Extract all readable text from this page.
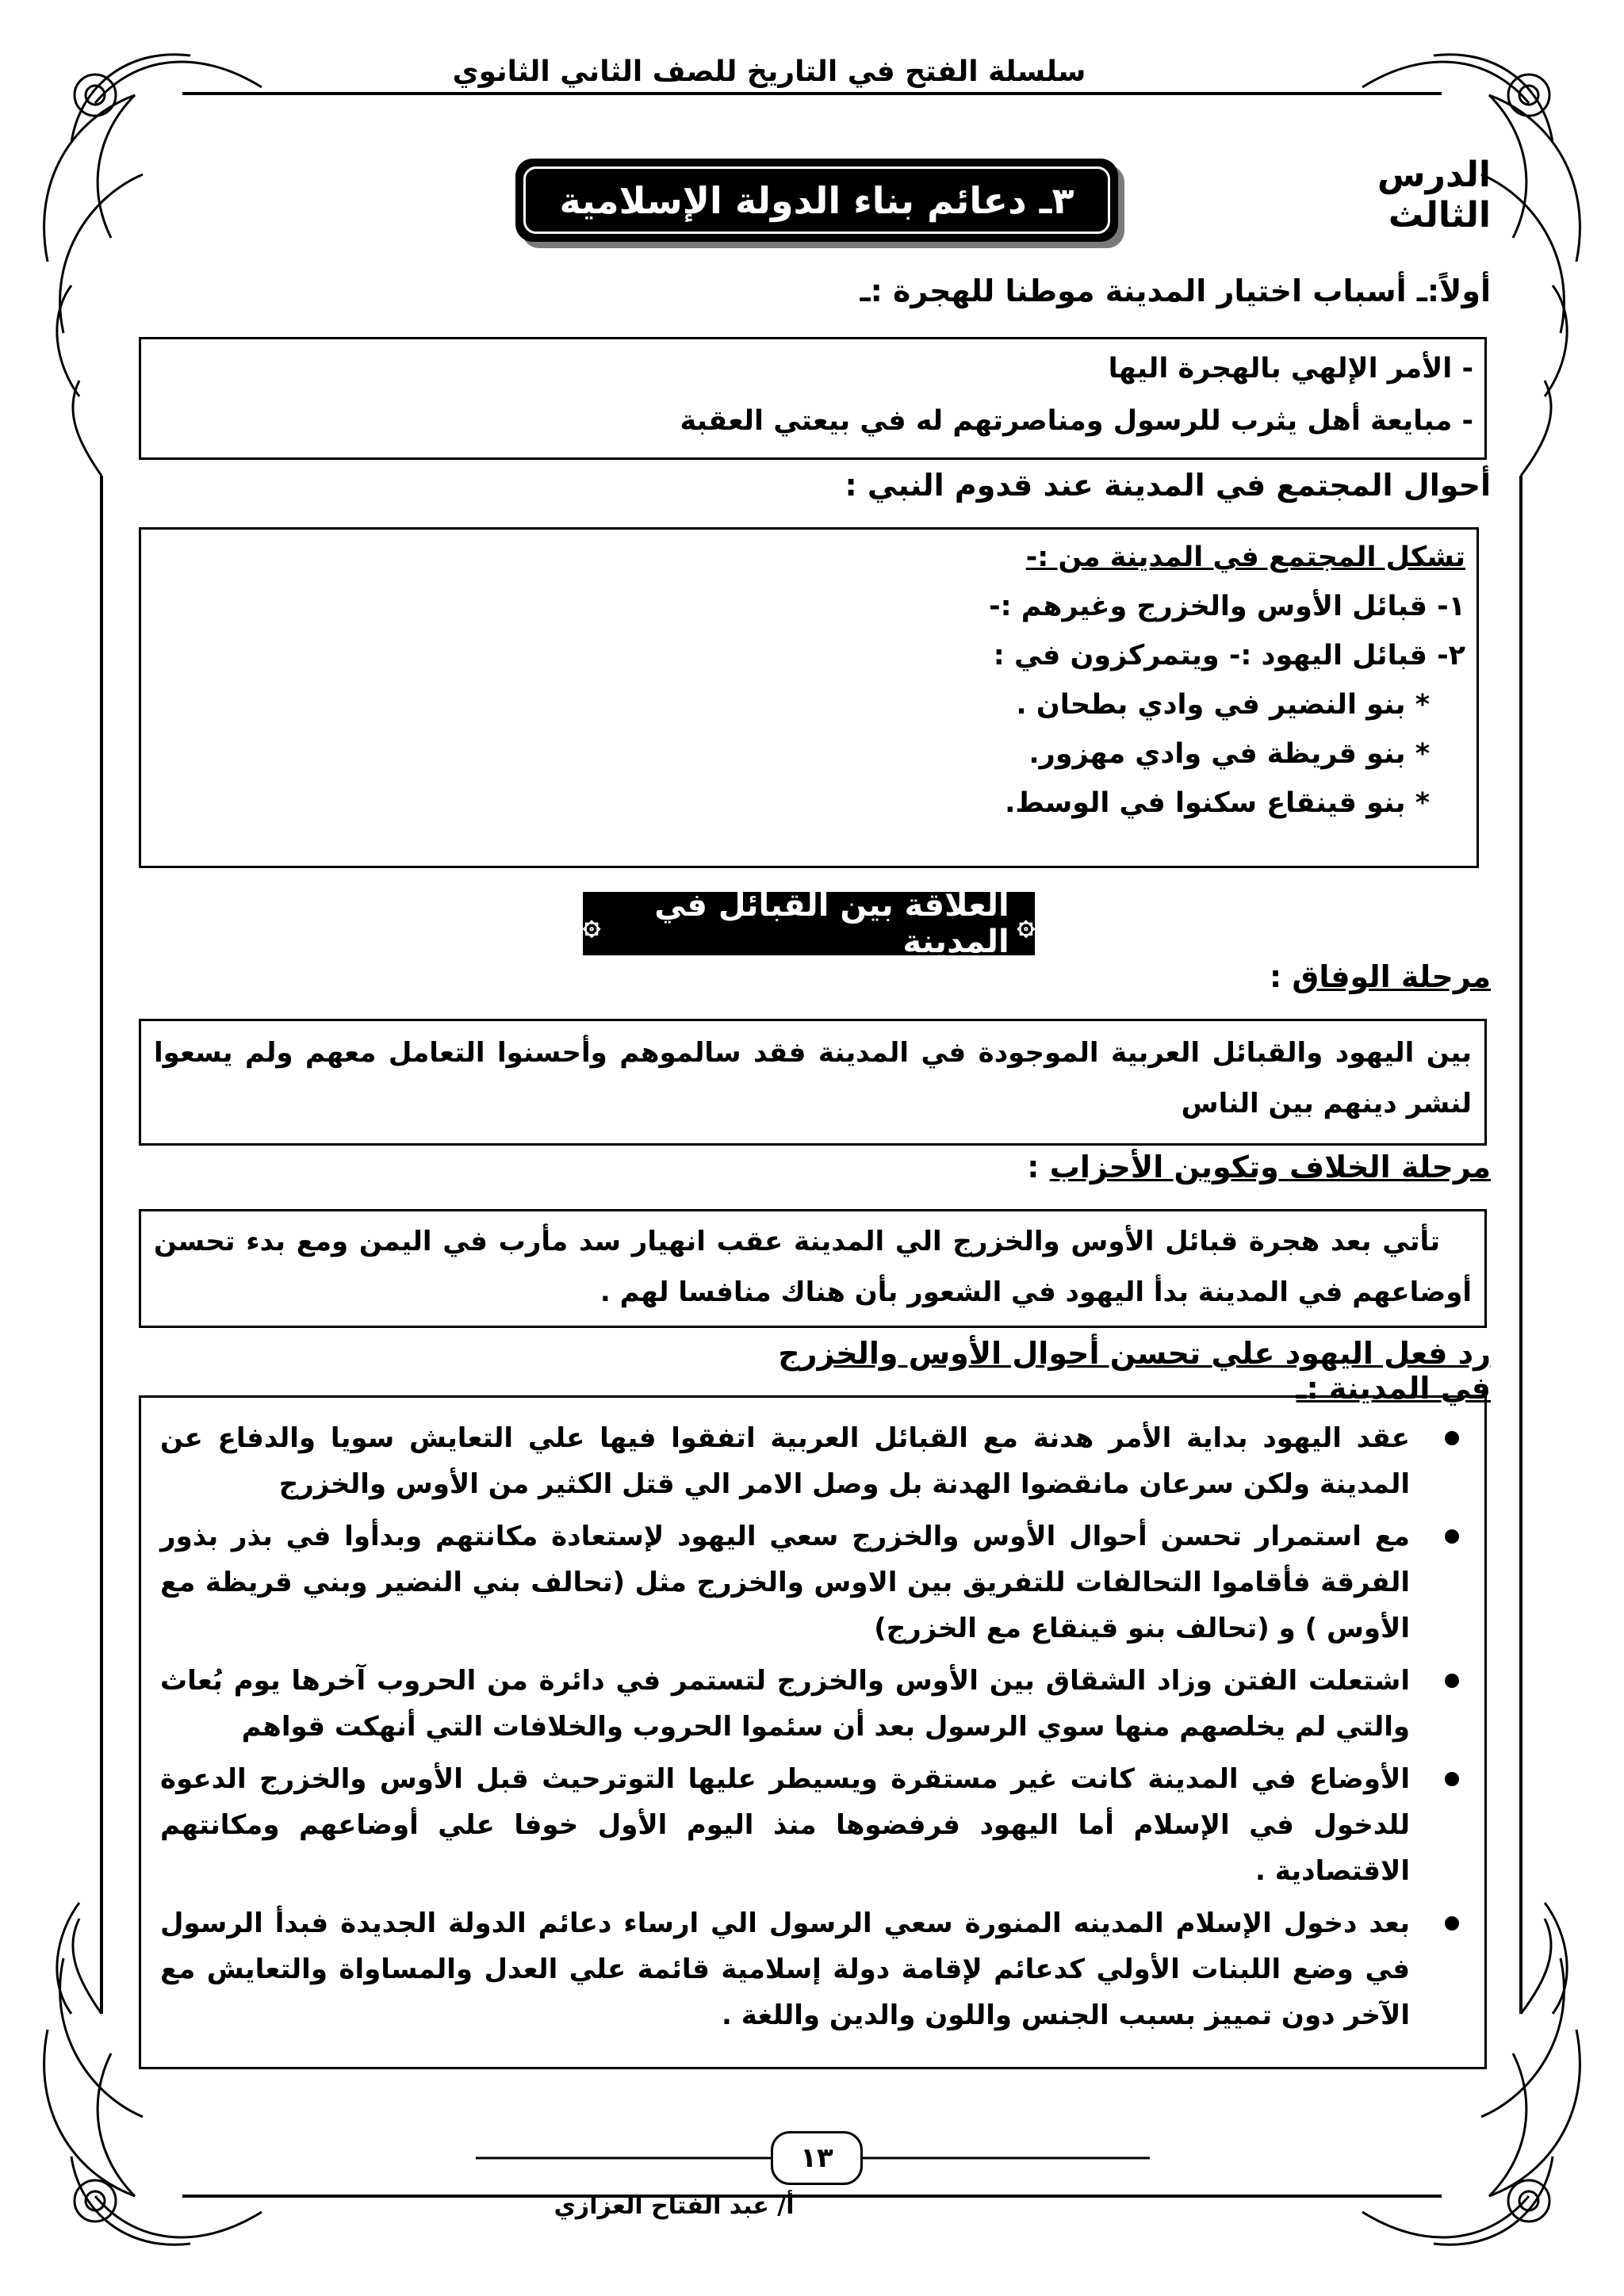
سلسلة الفتح في التاريخ للصف الثاني الثانوي
الدرس الثالث
٣ـ دعائم بناء الدولة الإسلامية
أولاً:ـ أسباب اختيار المدينة موطنا للهجرة :ـ
- الأمر الإلهي بالهجرة اليها
- مبايعة أهل يثرب للرسول ومناصرتهم له في بيعتي العقبة
أحوال المجتمع في المدينة عند قدوم النبي :
تشكل المجتمع في المدينة من :-
١- قبائل الأوس والخزرج وغيرهم :-
٢- قبائل اليهود :- ويتمركزون في :
* بنو النضير في وادي بطحان .
* بنو قريظة في وادي مهزور.
* بنو قينقاع سكنوا في الوسط.
۞
العلاقة بين القبائل في المدينة
۞
مرحلة الوفاق :
بين اليهود والقبائل العربية الموجودة في المدينة فقد سالموهم وأحسنوا التعامل معهم ولم يسعوا لنشر دينهم بين الناس
مرحلة الخلاف وتكوين الأحزاب :
تأتي بعد هجرة قبائل الأوس والخزرج الي المدينة عقب انهيار سد مأرب في اليمن ومع بدء تحسن أوضاعهم في المدينة بدأ اليهود في الشعور بأن هناك منافسا لهم .
رد فعل اليهود علي تحسن أحوال الأوس والخزرج في المدينة :ـ
عقد اليهود بداية الأمر هدنة مع القبائل العربية اتفقوا فيها علي التعايش سويا والدفاع عن المدينة ولكن سرعان مانقضوا الهدنة بل وصل الامر الي قتل الكثير من الأوس والخزرج
مع استمرار تحسن أحوال الأوس والخزرج سعي اليهود لإستعادة مكانتهم وبدأوا في بذر بذور الفرقة فأقاموا التحالفات للتفريق بين الاوس والخزرج مثل (تحالف بني النضير وبني قريظة مع الأوس ) و (تحالف بنو قينقاع مع الخزرج)
اشتعلت الفتن وزاد الشقاق بين الأوس والخزرج لتستمر في دائرة من الحروب آخرها يوم بُعاث والتي لم يخلصهم منها سوي الرسول بعد أن سئموا الحروب والخلافات التي أنهكت قواهم
الأوضاع في المدينة كانت غير مستقرة ويسيطر عليها التوترحيث قبل الأوس والخزرج الدعوة للدخول في الإسلام أما اليهود فرفضوها منذ اليوم الأول خوفا علي أوضاعهم ومكانتهم الاقتصادية .
بعد دخول الإسلام المدينه المنورة سعي الرسول الي ارساء دعائم الدولة الجديدة فبدأ الرسول في وضع اللبنات الأولي كدعائم لإقامة دولة إسلامية قائمة علي العدل والمساواة والتعايش مع الآخر دون تمييز بسبب الجنس واللون والدين واللغة .
١٣
أ/ عبد الفتاح العزازي
